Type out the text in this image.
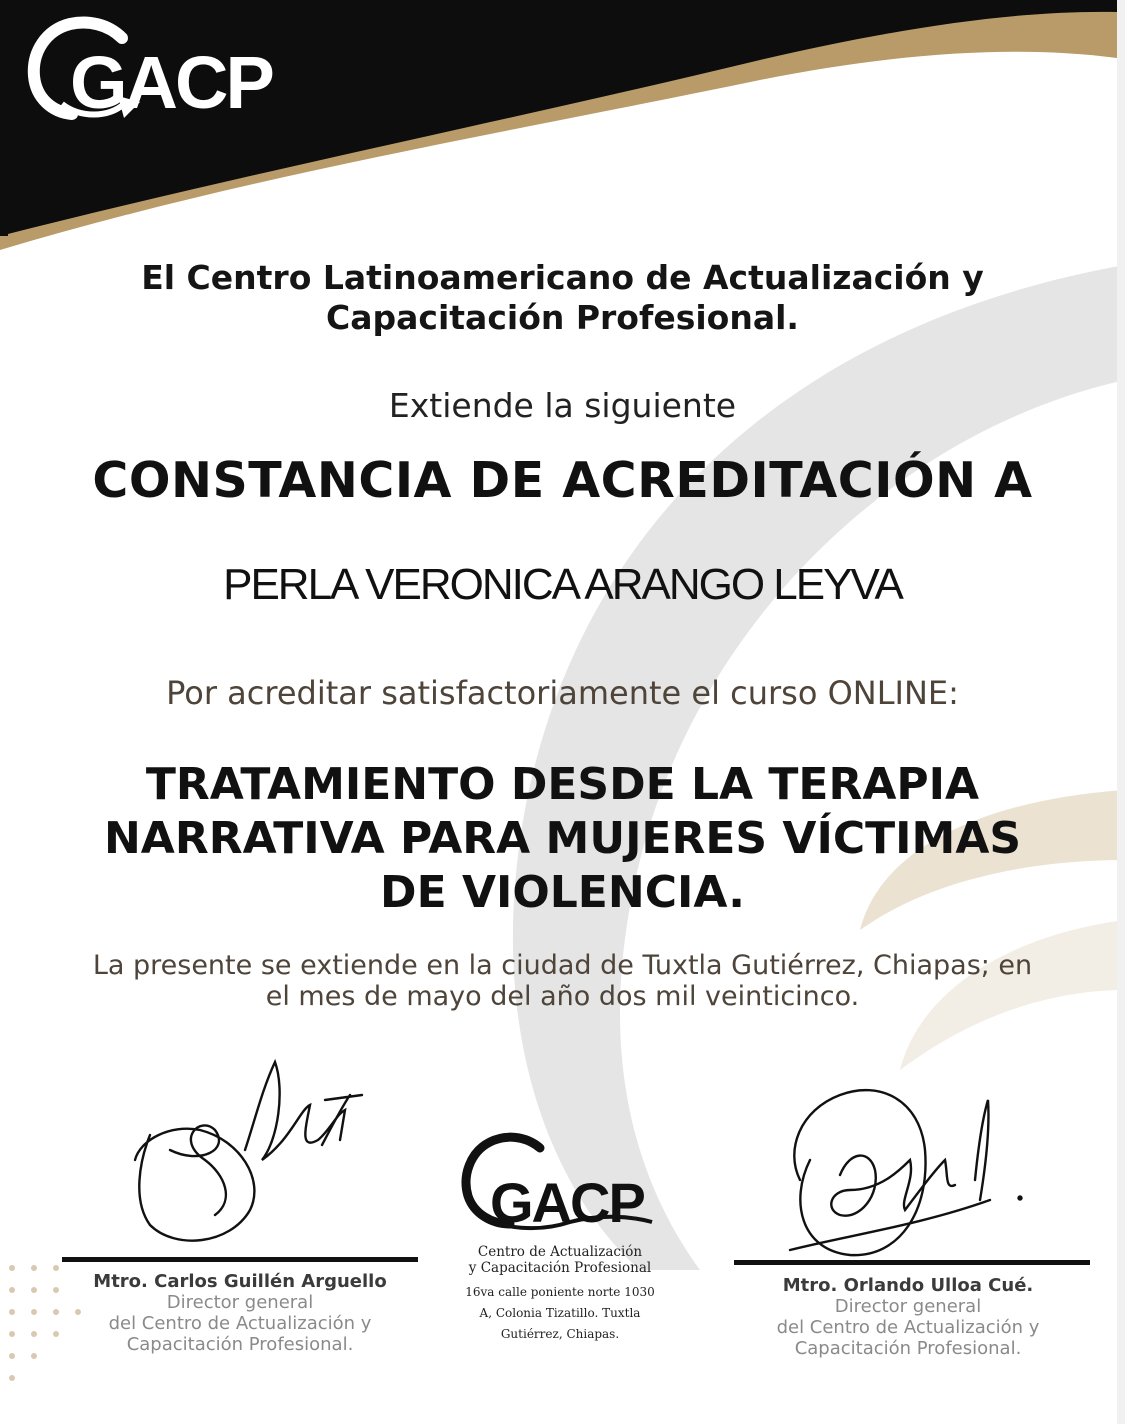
GACP
GACP
El Centro Latinoamericano de Actualización y
Capacitación Profesional.
Extiende la siguiente
CONSTANCIA DE ACREDITACIÓN A
PERLA VERONICA ARANGO LEYVA
Por acreditar satisfactoriamente el curso ONLINE:
TRATAMIENTO DESDE LA TERAPIA
NARRATIVA PARA MUJERES VÍCTIMAS
DE VIOLENCIA.
La presente se extiende en la ciudad de Tuxtla Gutiérrez, Chiapas; en
el mes de mayo del año dos mil veinticinco.
Mtro. Carlos Guillén Arguello
Director general
del Centro de Actualización y
Capacitación Profesional.
Mtro. Orlando Ulloa Cué.
Director general
del Centro de Actualización y
Capacitación Profesional.
Centro de Actualización
y Capacitación Profesional
16va calle poniente norte 1030
A, Colonia Tizatillo. Tuxtla
Gutiérrez, Chiapas.
